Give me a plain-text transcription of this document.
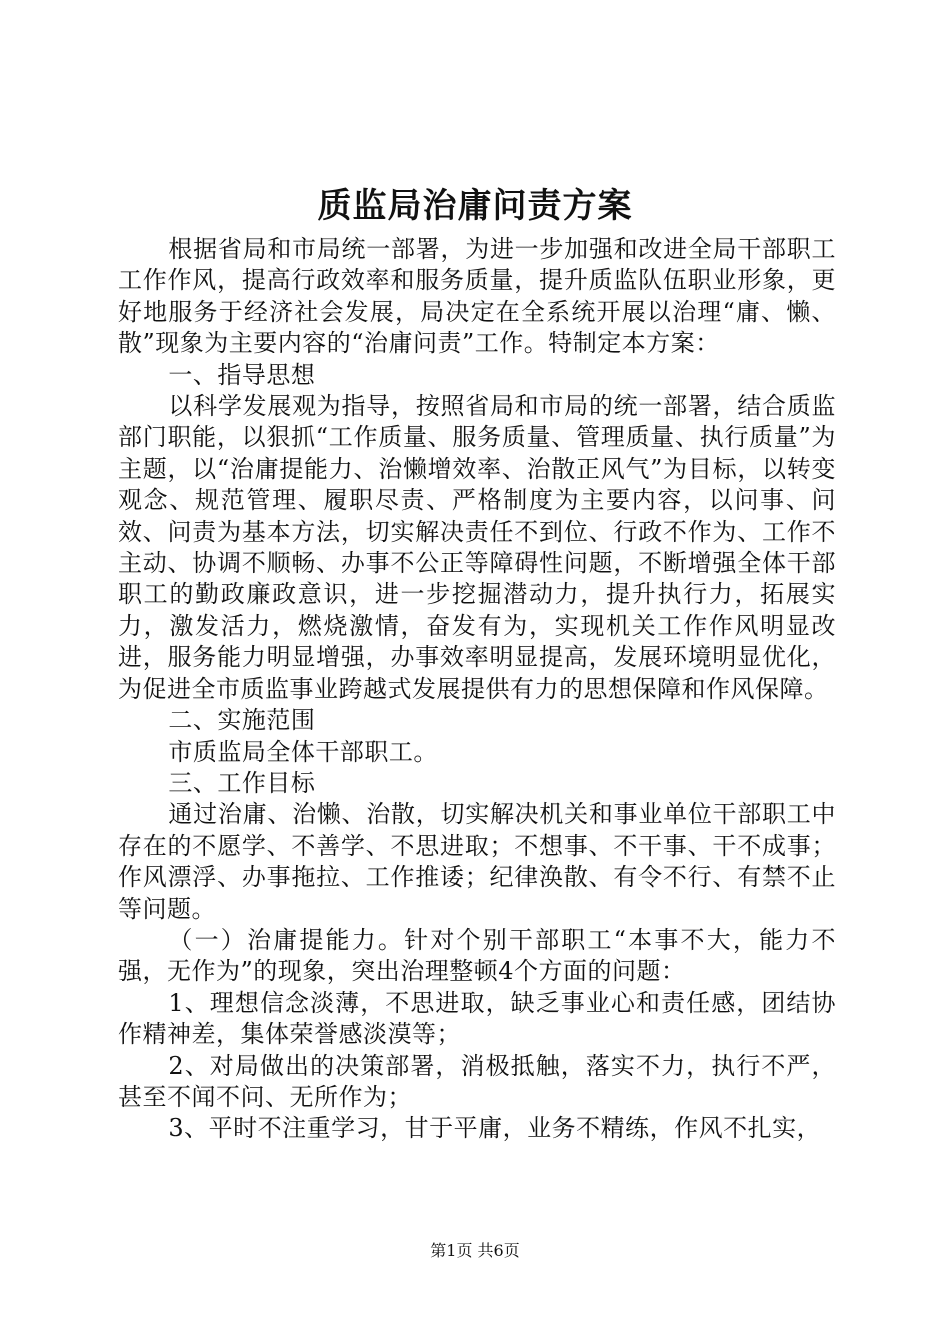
质监局治庸问责方案

根据省局和市局统一部署，为进一步加强和改进全局干部职工工作作风，提高行政效率和服务质量，提升质监队伍职业形象，更好地服务于经济社会发展，局决定在全系统开展以治理“庸、懒、散”现象为主要内容的“治庸问责”工作。特制定本方案：

一、指导思想

以科学发展观为指导，按照省局和市局的统一部署，结合质监部门职能，以狠抓“工作质量、服务质量、管理质量、执行质量”为主题，以“治庸提能力、治懒增效率、治散正风气”为目标，以转变观念、规范管理、履职尽责、严格制度为主要内容，以问事、问效、问责为基本方法，切实解决责任不到位、行政不作为、工作不主动、协调不顺畅、办事不公正等障碍性问题，不断增强全体干部职工的勤政廉政意识，进一步挖掘潜动力，提升执行力，拓展实力，激发活力，燃烧激情，奋发有为，实现机关工作作风明显改进，服务能力明显增强，办事效率明显提高，发展环境明显优化，为促进全市质监事业跨越式发展提供有力的思想保障和作风保障。

二、实施范围

市质监局全体干部职工。

三、工作目标

通过治庸、治懒、治散，切实解决机关和事业单位干部职工中存在的不愿学、不善学、不思进取；不想事、不干事、干不成事；作风漂浮、办事拖拉、工作推诿；纪律涣散、有令不行、有禁不止等问题。

（一）治庸提能力。针对个别干部职工“本事不大，能力不强，无作为”的现象，突出治理整顿4个方面的问题：

1、理想信念淡薄，不思进取，缺乏事业心和责任感，团结协作精神差，集体荣誉感淡漠等；

2、对局做出的决策部署，消极抵触，落实不力，执行不严，甚至不闻不问、无所作为；

3、平时不注重学习，甘于平庸，业务不精练，作风不扎实，

第1页 共6页
